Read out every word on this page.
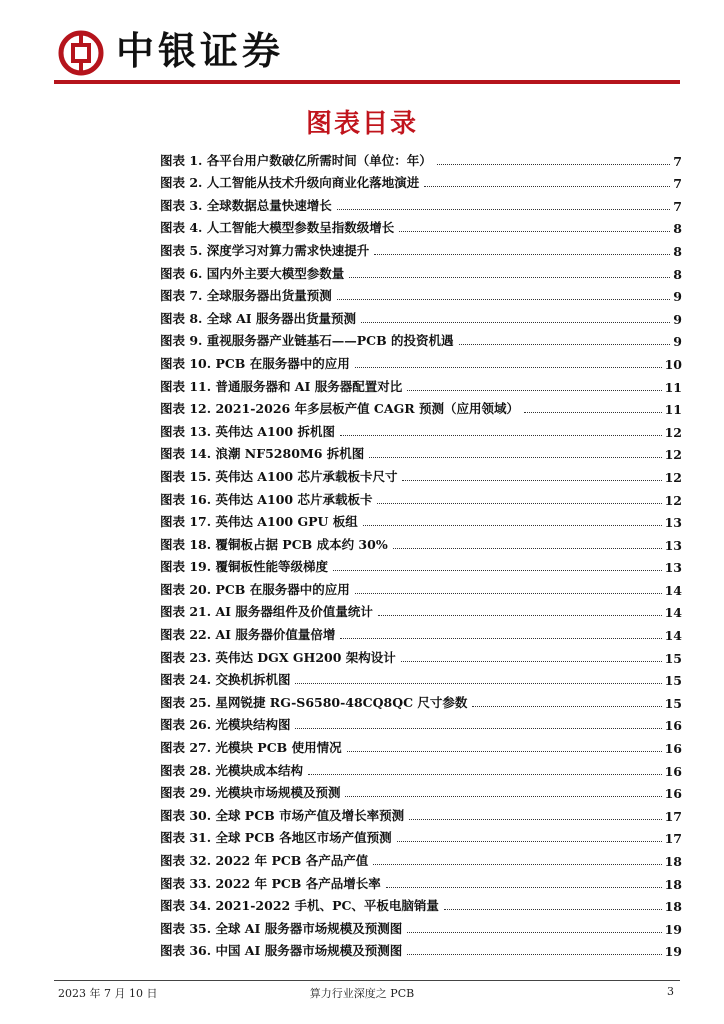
中银证券
图表目录
图表 1. 各平台用户数破亿所需时间（单位：年）	7
图表 2. 人工智能从技术升级向商业化落地演进	7
图表 3. 全球数据总量快速增长	7
图表 4. 人工智能大模型参数呈指数级增长	8
图表 5. 深度学习对算力需求快速提升	8
图表 6. 国内外主要大模型参数量	8
图表 7. 全球服务器出货量预测	9
图表 8. 全球 AI 服务器出货量预测	9
图表 9. 重视服务器产业链基石——PCB 的投资机遇	9
图表 10. PCB 在服务器中的应用	10
图表 11. 普通服务器和 AI 服务器配置对比	11
图表 12. 2021-2026 年多层板产值 CAGR 预测（应用领域）	11
图表 13. 英伟达 A100 拆机图	12
图表 14. 浪潮 NF5280M6 拆机图	12
图表 15. 英伟达 A100 芯片承载板卡尺寸	12
图表 16. 英伟达 A100 芯片承载板卡	12
图表 17. 英伟达 A100 GPU 板组	13
图表 18. 覆铜板占据 PCB 成本约 30%	13
图表 19. 覆铜板性能等级梯度	13
图表 20. PCB 在服务器中的应用	14
图表 21. AI 服务器组件及价值量统计	14
图表 22. AI 服务器价值量倍增	14
图表 23. 英伟达 DGX GH200 架构设计	15
图表 24. 交换机拆机图	15
图表 25. 星网锐捷 RG-S6580-48CQ8QC 尺寸参数	15
图表 26. 光模块结构图	16
图表 27. 光模块 PCB 使用情况	16
图表 28. 光模块成本结构	16
图表 29. 光模块市场规模及预测	16
图表 30. 全球 PCB 市场产值及增长率预测	17
图表 31. 全球 PCB 各地区市场产值预测	17
图表 32. 2022 年 PCB 各产品产值	18
图表 33. 2022 年 PCB 各产品增长率	18
图表 34. 2021-2022 手机、PC、平板电脑销量	18
图表 35. 全球 AI 服务器市场规模及预测图	19
图表 36. 中国 AI 服务器市场规模及预测图	19
2023 年 7 月 10 日	算力行业深度之 PCB	3
